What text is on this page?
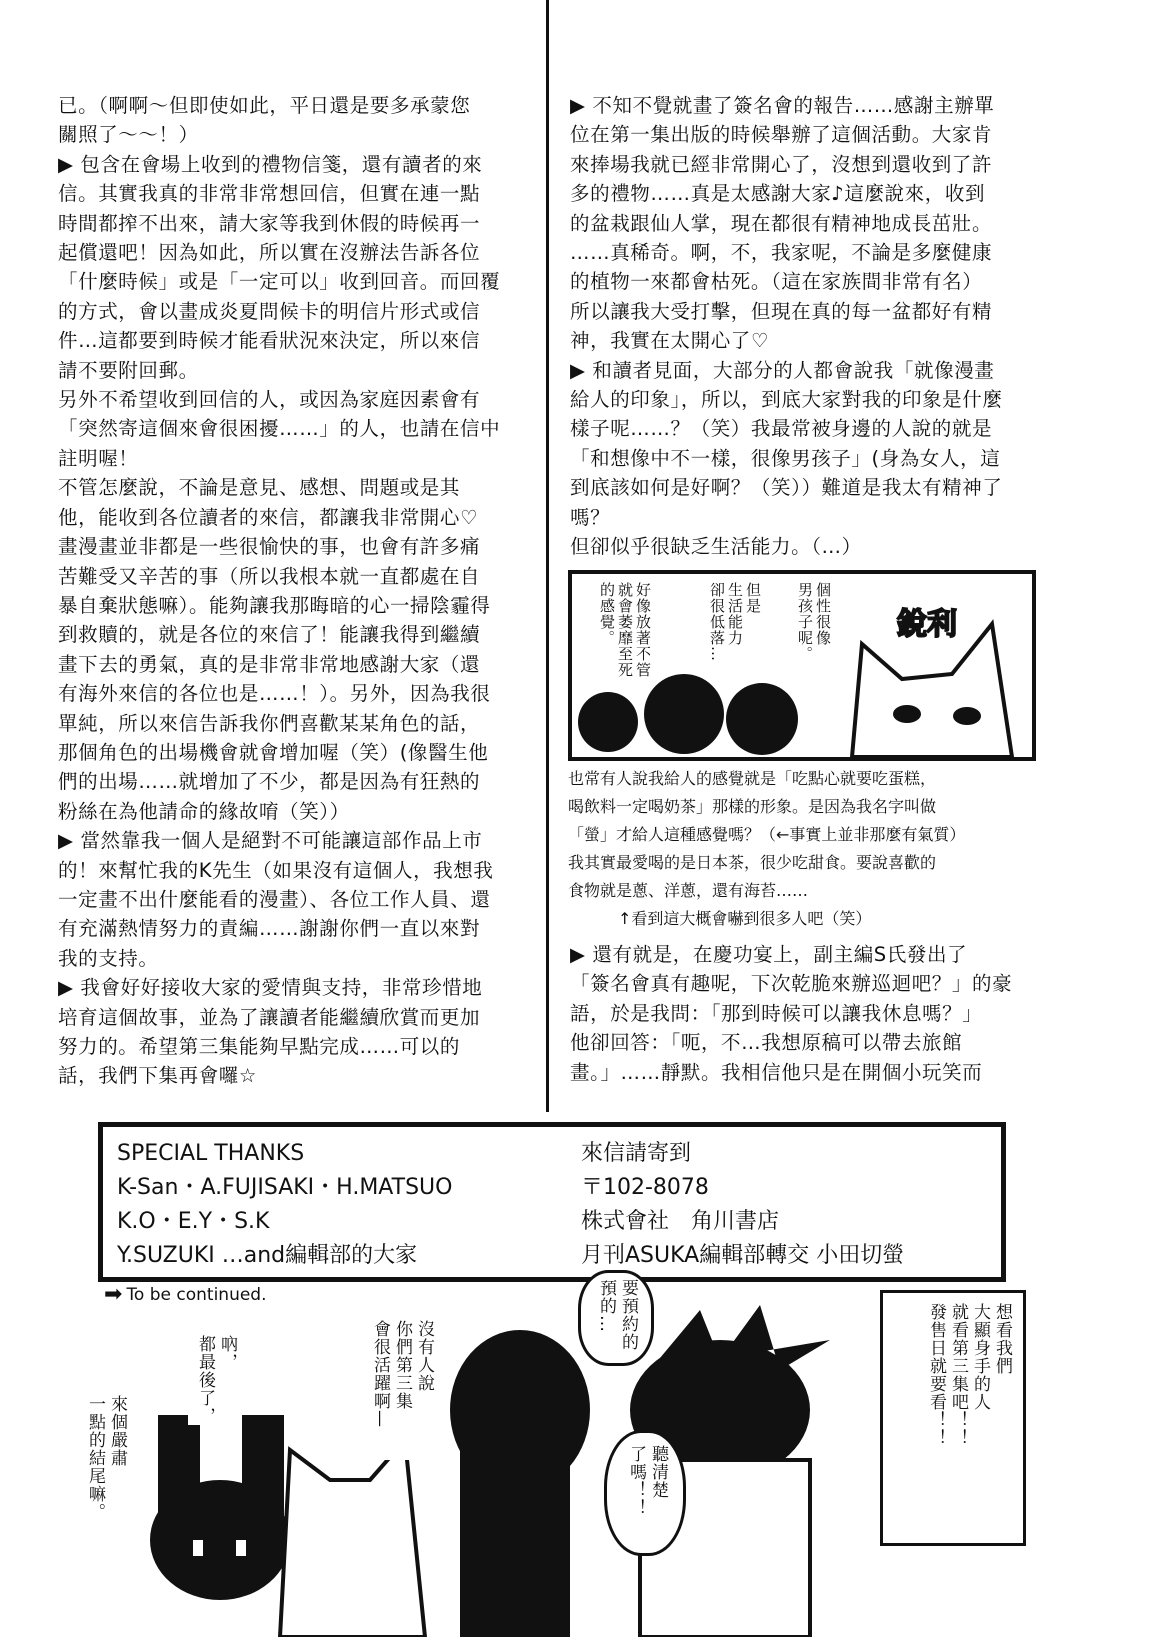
已。（啊啊～但即使如此，平日還是要多承蒙您
關照了～～！）

▶ 包含在會場上收到的禮物信箋，還有讀者的來
信。其實我真的非常非常想回信，但實在連一點
時間都搾不出來，請大家等我到休假的時候再一
起償還吧！因為如此，所以實在沒辦法告訴各位
「什麼時候」或是「一定可以」收到回音。而回覆
的方式，會以畫成炎夏問候卡的明信片形式或信
件…這都要到時候才能看狀況來決定，所以來信
請不要附回郵。

另外不希望收到回信的人，或因為家庭因素會有
「突然寄這個來會很困擾……」的人，也請在信中
註明喔！

不管怎麼說，不論是意見、感想、問題或是其
他，能收到各位讀者的來信，都讓我非常開心♡
畫漫畫並非都是一些很愉快的事，也會有許多痛
苦難受又辛苦的事（所以我根本就一直都處在自
暴自棄狀態嘛）。能夠讓我那晦暗的心一掃陰霾得
到救贖的，就是各位的來信了！能讓我得到繼續
畫下去的勇氣，真的是非常非常地感謝大家（還
有海外來信的各位也是……！）。另外，因為我很
單純，所以來信告訴我你們喜歡某某角色的話，
那個角色的出場機會就會增加喔（笑）(像醫生他
們的出場……就增加了不少，都是因為有狂熱的
粉絲在為他請命的緣故唷（笑））

▶ 當然靠我一個人是絕對不可能讓這部作品上市
的！來幫忙我的K先生（如果沒有這個人，我想我
一定畫不出什麼能看的漫畫）、各位工作人員、還
有充滿熱情努力的責編……謝謝你們一直以來對
我的支持。

▶ 我會好好接收大家的愛情與支持，非常珍惜地
培育這個故事，並為了讓讀者能繼續欣賞而更加
努力的。希望第三集能夠早點完成……可以的
話，我們下集再會囉☆

▶ 不知不覺就畫了簽名會的報告……感謝主辦單
位在第一集出版的時候舉辦了這個活動。大家肯
來捧場我就已經非常開心了，沒想到還收到了許
多的禮物……真是太感謝大家♪這麼說來，收到
的盆栽跟仙人掌，現在都很有精神地成長茁壯。
……真稀奇。啊，不，我家呢，不論是多麼健康
的植物一來都會枯死。（這在家族間非常有名）
所以讓我大受打擊，但現在真的每一盆都好有精
神，我實在太開心了♡

▶ 和讀者見面，大部分的人都會說我「就像漫畫
給人的印象」，所以，到底大家對我的印象是什麼
樣子呢……？（笑）我最常被身邊的人說的就是
「和想像中不一樣，很像男孩子」(身為女人，這
到底該如何是好啊？（笑））難道是我太有精神了
嗎？

但卻似乎很缺乏生活能力。（…）

銳利
個性很像
男孩子呢。
但是
生活能力
卻很低落…
好像放著不管
就會萎靡至死
的感覺。

也常有人說我給人的感覺就是「吃點心就要吃蛋糕，
喝飲料一定喝奶茶」那樣的形象。是因為我名字叫做
「螢」才給人這種感覺嗎？（←事實上並非那麼有氣質）
我其實最愛喝的是日本茶，很少吃甜食。要說喜歡的
食物就是蔥、洋蔥，還有海苔……

↑看到這大概會嚇到很多人吧（笑）

▶ 還有就是，在慶功宴上，副主編S氏發出了
「簽名會真有趣呢，下次乾脆來辦巡迴吧？」的豪
語，於是我問：「那到時候可以讓我休息嗎？」
他卻回答：「呃，不…我想原稿可以帶去旅館
畫。」……靜默。我相信他只是在開個小玩笑而

SPECIAL THANKS
K-San・A.FUJISAKI・H.MATSUO
K.O・E.Y・S.K
Y.SUZUKI …and編輯部的大家
來信請寄到
〒102-8078
株式會社　角川書店
月刊ASUKA編輯部轉交 小田切螢
➡ To be continued.
來個嚴肅
一點的結尾嘛。
吶，
都最後了，	沒有人說
你們第三集
會很活躍啊—
要預約的
預的…
聽清楚
了嗎！！
想看我們
大顯身手的人
就看第三集吧！！
發售日就要看！！
